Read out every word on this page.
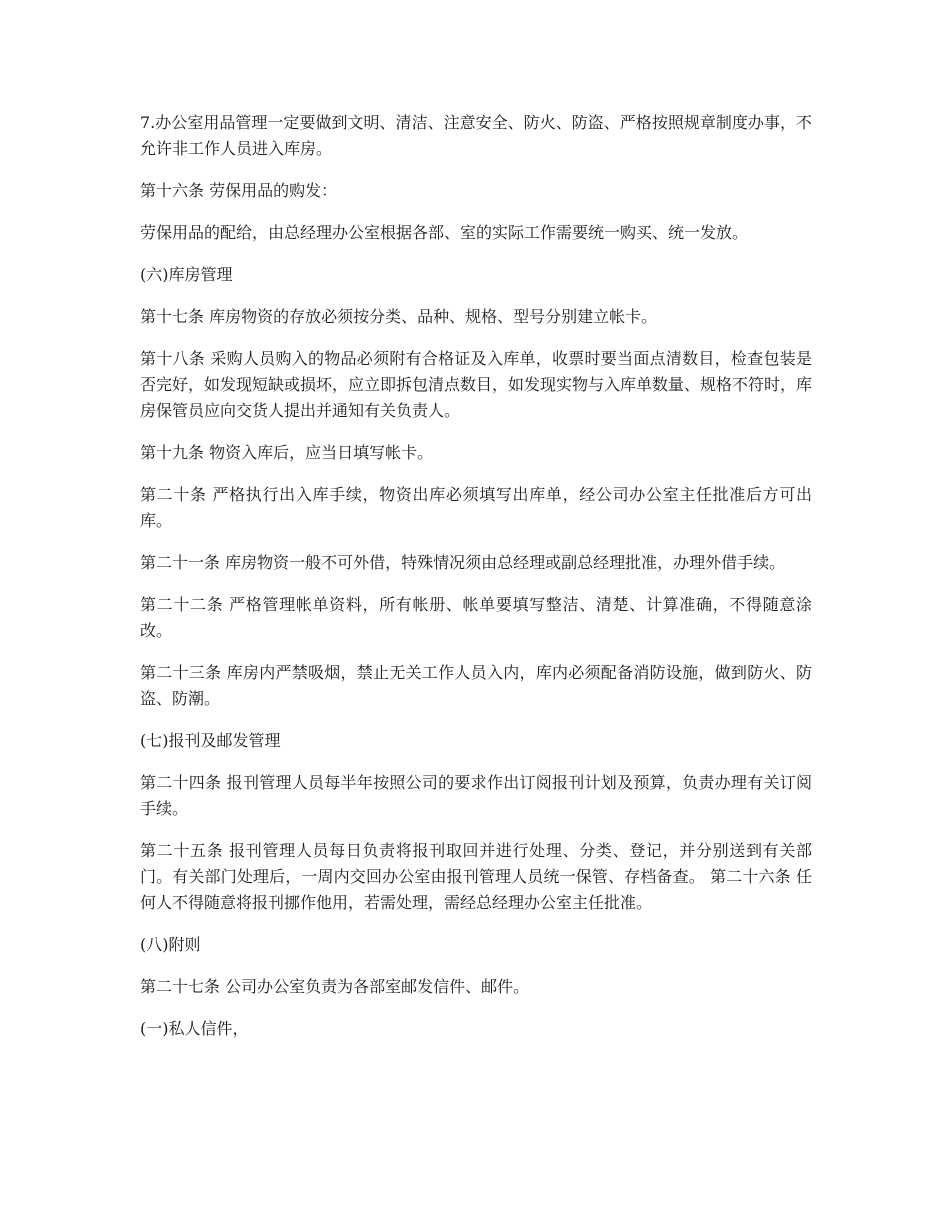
7.办公室用品管理一定要做到文明、清洁、注意安全、防火、防盗、严格按照规章制度办事，不允许非工作人员进入库房。

第十六条 劳保用品的购发：

劳保用品的配给，由总经理办公室根据各部、室的实际工作需要统一购买、统一发放。

(六)库房管理

第十七条 库房物资的存放必须按分类、品种、规格、型号分别建立帐卡。

第十八条 采购人员购入的物品必须附有合格证及入库单，收票时要当面点清数目，检查包装是否完好，如发现短缺或损坏，应立即拆包清点数目，如发现实物与入库单数量、规格不符时，库房保管员应向交货人提出并通知有关负责人。

第十九条 物资入库后，应当日填写帐卡。

第二十条 严格执行出入库手续，物资出库必须填写出库单，经公司办公室主任批准后方可出库。

第二十一条 库房物资一般不可外借，特殊情况须由总经理或副总经理批准，办理外借手续。

第二十二条 严格管理帐单资料，所有帐册、帐单要填写整洁、清楚、计算准确，不得随意涂改。

第二十三条 库房内严禁吸烟，禁止无关工作人员入内，库内必须配备消防设施，做到防火、防盗、防潮。

(七)报刊及邮发管理

第二十四条 报刊管理人员每半年按照公司的要求作出订阅报刊计划及预算，负责办理有关订阅手续。

第二十五条 报刊管理人员每日负责将报刊取回并进行处理、分类、登记，并分别送到有关部门。有关部门处理后，一周内交回办公室由报刊管理人员统一保管、存档备查。 第二十六条 任何人不得随意将报刊挪作他用，若需处理，需经总经理办公室主任批准。

(八)附则

第二十七条 公司办公室负责为各部室邮发信件、邮件。

(一)私人信件，
